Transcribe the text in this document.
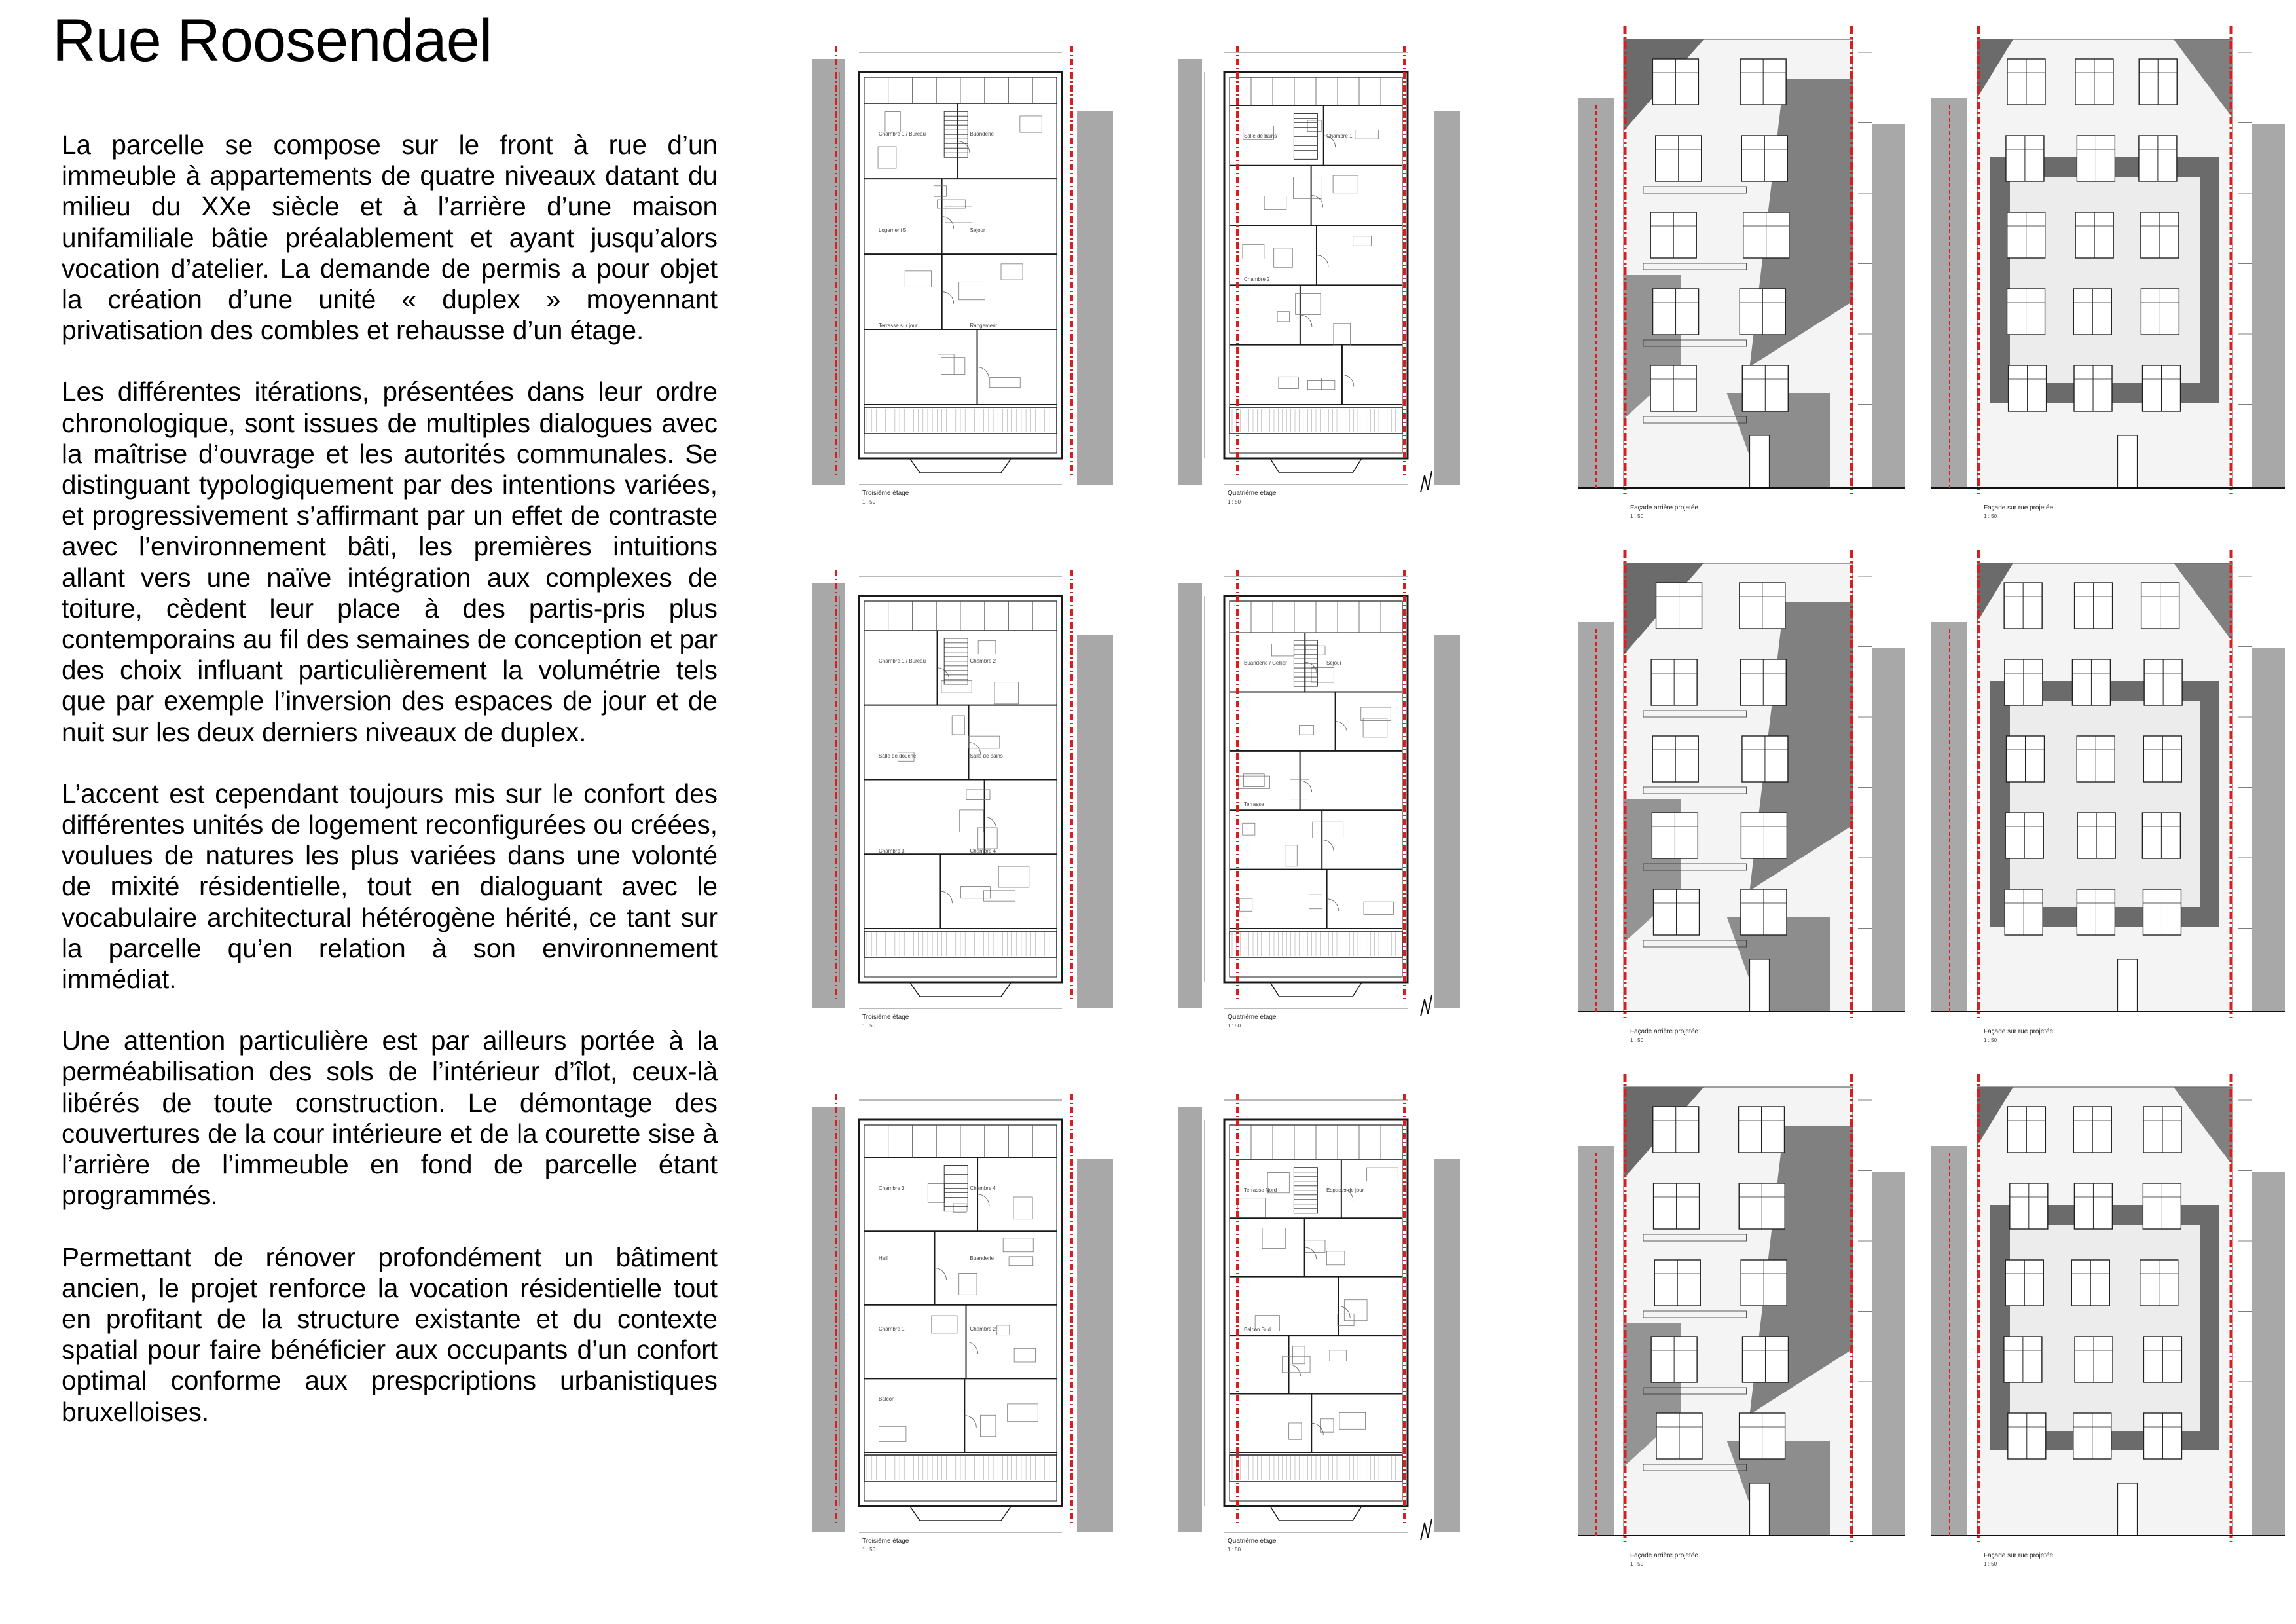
Rue Roosendael

La parcelle se compose sur le front à rue d’un immeuble à appartements de quatre niveaux datant du milieu du XXe siècle et à l’arrière d’une maison unifamiliale bâtie préalablement et ayant jusqu’alors vocation d’atelier. La demande de permis a pour objet la création d’une unité « duplex » moyennant privatisation des combles et rehausse d’un étage.

Les différentes itérations, présentées dans leur ordre chronologique, sont issues de multiples dialogues avec la maîtrise d’ouvrage et les autorités communales. Se distinguant typologiquement par des intentions variées, et progressivement s’affirmant par un effet de contraste avec l’environnement bâti, les premières intuitions allant vers une naïve intégration aux complexes de toiture, cèdent leur place à des partis-pris plus contemporains au fil des semaines de conception et par des choix influant particulièrement la volumétrie tels que par exemple l’inversion des espaces de jour et de nuit sur les deux derniers niveaux de duplex.

L’accent est cependant toujours mis sur le confort des différentes unités de logement reconfigurées ou créées, voulues de natures les plus variées dans une volonté de mixité résidentielle, tout en dialoguant avec le vocabulaire architectural hétérogène hérité, ce tant sur la parcelle qu’en relation à son environnement immédiat.

Une attention particulière est par ailleurs portée à la perméabilisation des sols de l’intérieur d’îlot, ceux-là libérés de toute construction. Le démontage des couvertures de la cour intérieure et de la courette sise à l’arrière de l’immeuble en fond de parcelle étant programmés.

Permettant de rénover profondément un bâtiment ancien, le projet renforce la vocation résidentielle tout en profitant de la structure existante et du contexte spatial pour faire bénéficier aux occupants d’un confort optimal conforme aux prespcriptions urbanistiques bruxelloises.

Chambre 1 / Bureau	Buanderie
Logement 5	Séjour
Terrasse sur jour	Rangement
Troisième étage
1 : 50
Salle de bains	Chambre 1
Chambre 2
Quatrième étage
1 : 50
Façade arrière projetée
1 : 50
Façade sur rue projetée
1 : 50
Chambre 1 / Bureau	Chambre 2
Salle de douche	Salle de bains
Chambre 3	Chambre 4
Troisième étage
1 : 50
Buanderie / Cellier	Séjour
Terrasse
Quatrième étage
1 : 50
Façade arrière projetée
1 : 50
Façade sur rue projetée
1 : 50
Chambre 3	Chambre 4
Hall	Buanderie
Chambre 1	Chambre 2
Balcon
Troisième étage
1 : 50
Terrasse Nord	Espaces de jour
Balcon Sud
Quatrième étage
1 : 50
Façade arrière projetée
1 : 50
Façade sur rue projetée
1 : 50
